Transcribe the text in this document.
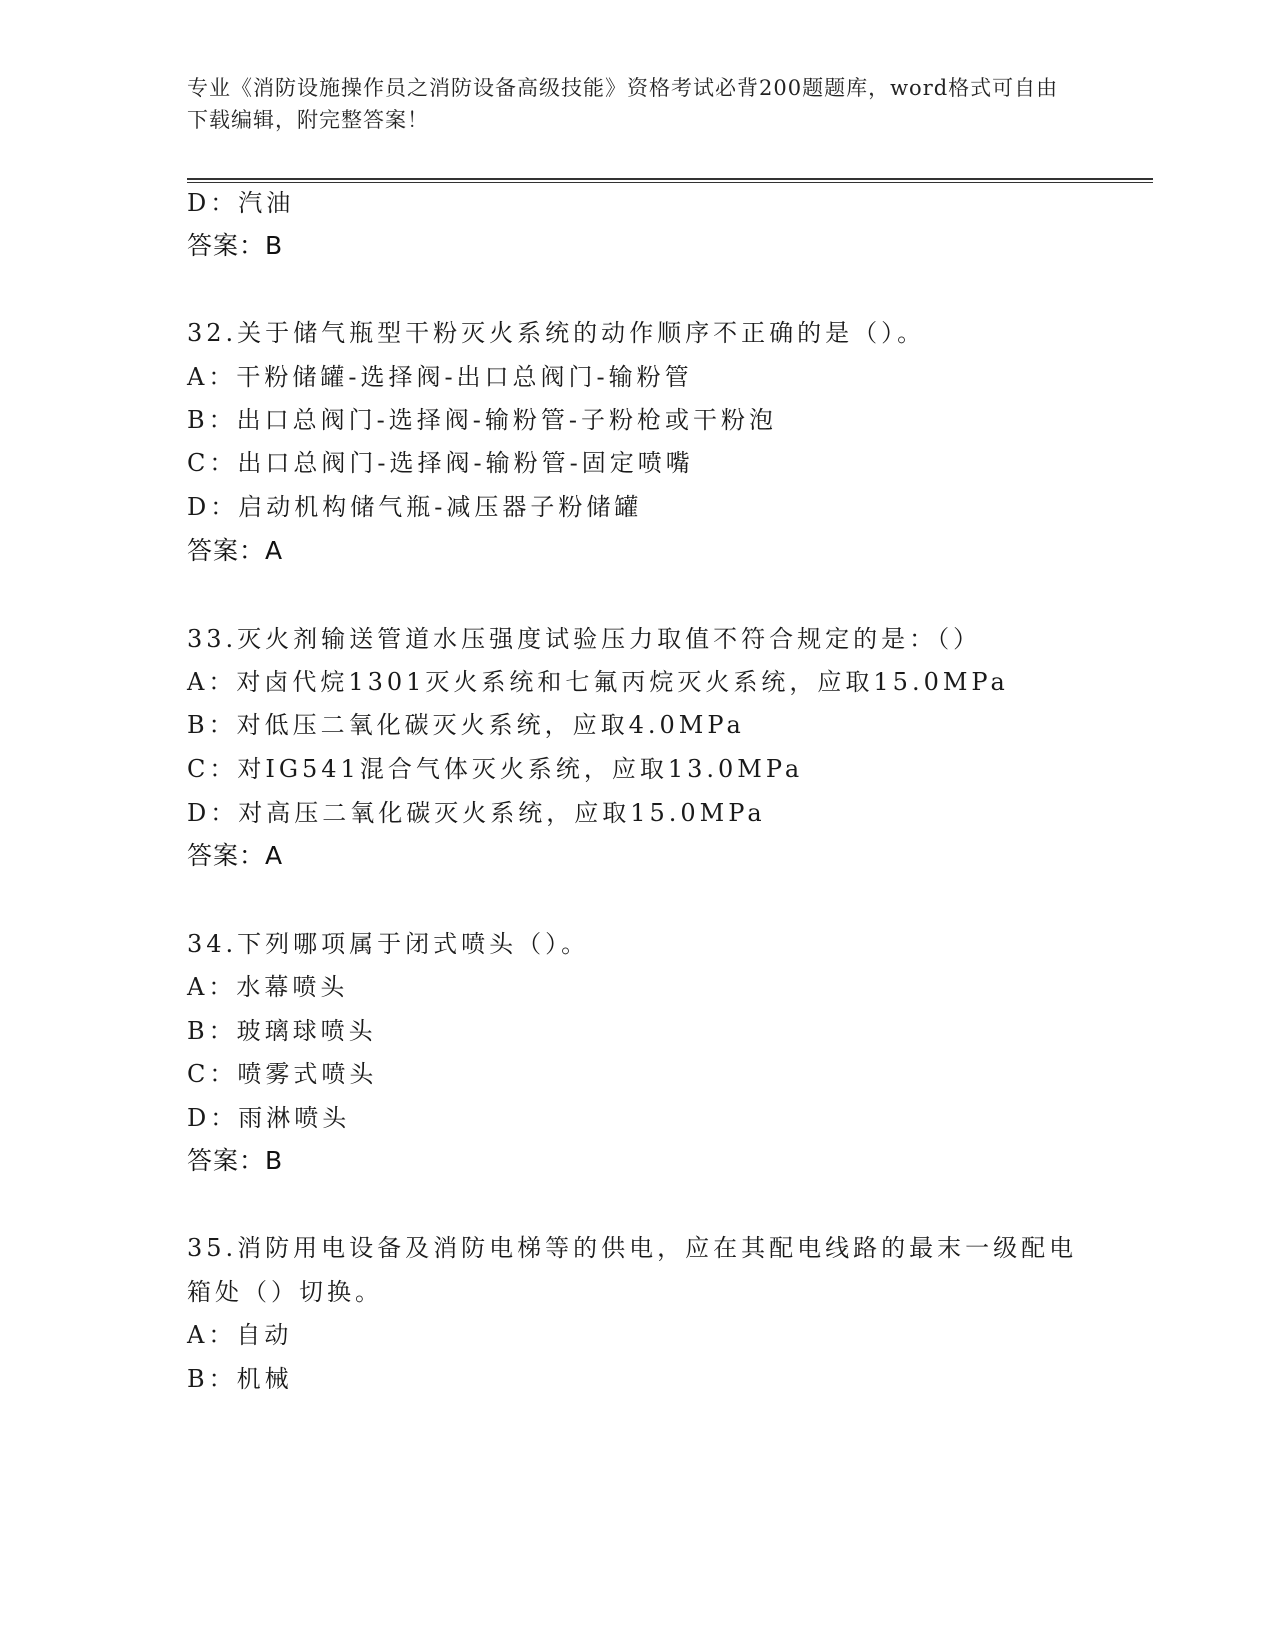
专业《消防设施操作员之消防设备高级技能》资格考试必背200题题库，word格式可自由下载编辑，附完整答案！
D：汽油
答案：B
32.关于储气瓶型干粉灭火系统的动作顺序不正确的是（）。
A：干粉储罐-选择阀-出口总阀门-输粉管
B：出口总阀门-选择阀-输粉管-子粉枪或干粉泡
C：出口总阀门-选择阀-输粉管-固定喷嘴
D：启动机构储气瓶-减压器子粉储罐
答案：A
33.灭火剂输送管道水压强度试验压力取值不符合规定的是：（）
A：对卤代烷1301灭火系统和七氟丙烷灭火系统，应取15.0MPa
B：对低压二氧化碳灭火系统，应取4.0MPa
C：对IG541混合气体灭火系统，应取13.0MPa
D：对高压二氧化碳灭火系统，应取15.0MPa
答案：A
34.下列哪项属于闭式喷头（）。
A：水幕喷头
B：玻璃球喷头
C：喷雾式喷头
D：雨淋喷头
答案：B
35.消防用电设备及消防电梯等的供电，应在其配电线路的最末一级配电箱处（）切换。
A：自动
B：机械
